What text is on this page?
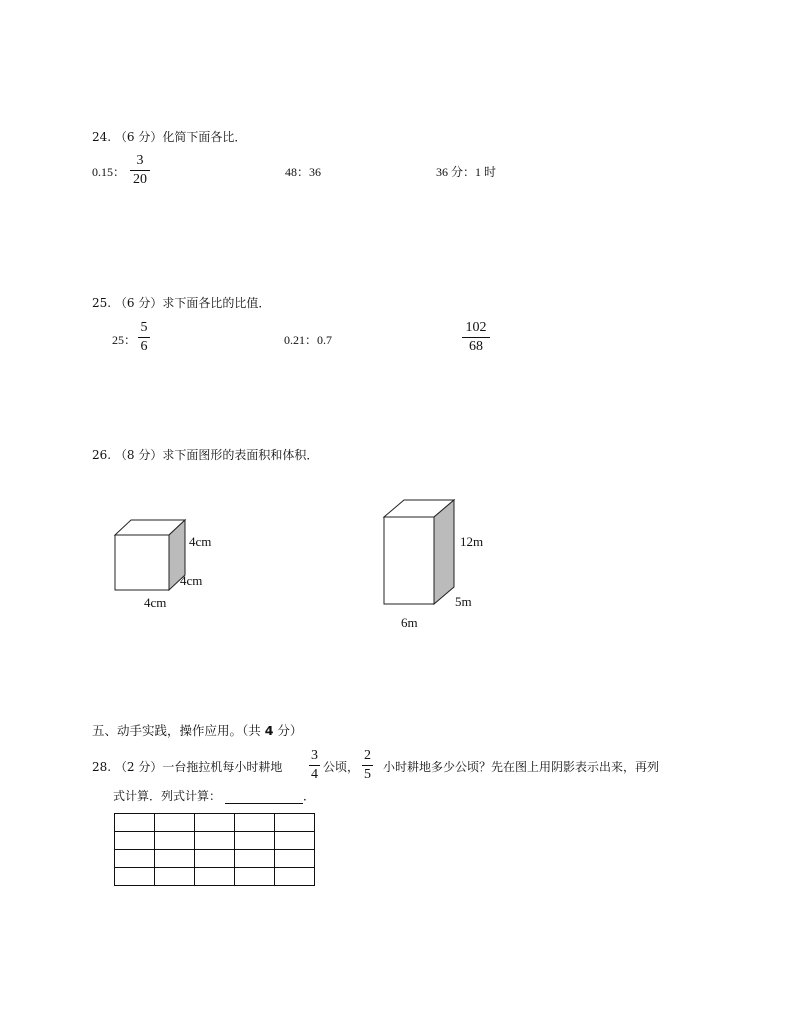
24. （6 分）化简下面各比．
0.15：
3
20	48：36	36 分：1 时
25. （6 分）求下面各比的比值．
25：
5
6	0.21：0.7
102
68
26. （8 分）求下面图形的表面积和体积．
4cm
4cm
4cm
12m
5m
6m
五、动手实践，操作应用。（共 4 分）
28. （2 分）一台拖拉机每小时耕地
3
4 公顷，
2
5 小时耕地多少公顷？先在图上用阴影表示出来，再列
式计算．列式计算：	．
